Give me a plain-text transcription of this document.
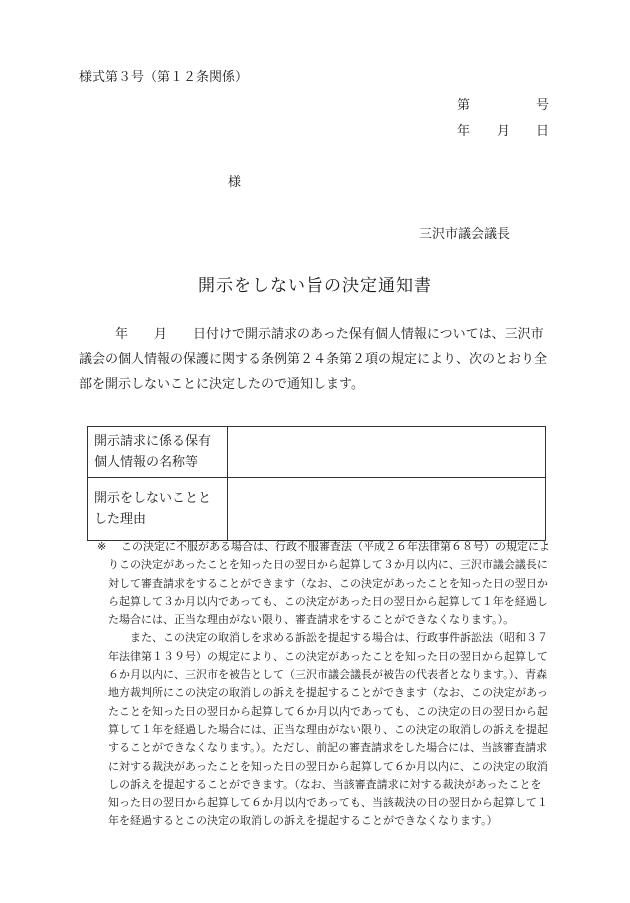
様式第３号（第１２条関係）
第	号
年 月 日
様
三沢市議会議長
開示をしない旨の決定通知書
年 月 日付けで開示請求のあった保有個人情報については、三沢市議会の個人情報の保護に関する条例第２４条第２項の規定により、次のとおり全部を開示しないことに決定したので通知します。
開示請求に係る保有個人情報の名称等	
開示をしないこととした理由	
※	この決定に不服がある場合は、行政不服審査法（平成２６年法律第６８号）の規定によりこの決定があったことを知った日の翌日から起算して３か月以内に、三沢市議会議長に対して審査請求をすることができます（なお、この決定があったことを知った日の翌日から起算して３か月以内であっても、この決定があった日の翌日から起算して１年を経過した場合には、正当な理由がない限り、審査請求をすることができなくなります。）。
また、この決定の取消しを求める訴訟を提起する場合は、行政事件訴訟法（昭和３７年法律第１３９号）の規定により、この決定があったことを知った日の翌日から起算して６か月以内に、三沢市を被告として（三沢市議会議長が被告の代表者となります。）、青森地方裁判所にこの決定の取消しの訴えを提起することができます（なお、この決定があったことを知った日の翌日から起算して６か月以内であっても、この決定の日の翌日から起算して１年を経過した場合には、正当な理由がない限り、この決定の取消しの訴えを提起することができなくなります。）。ただし、前記の審査請求をした場合には、当該審査請求に対する裁決があったことを知った日の翌日から起算して６か月以内に、この決定の取消しの訴えを提起することができます。（なお、当該審査請求に対する裁決があったことを知った日の翌日から起算して６か月以内であっても、当該裁決の日の翌日から起算して１年を経過するとこの決定の取消しの訴えを提起することができなくなります。）
